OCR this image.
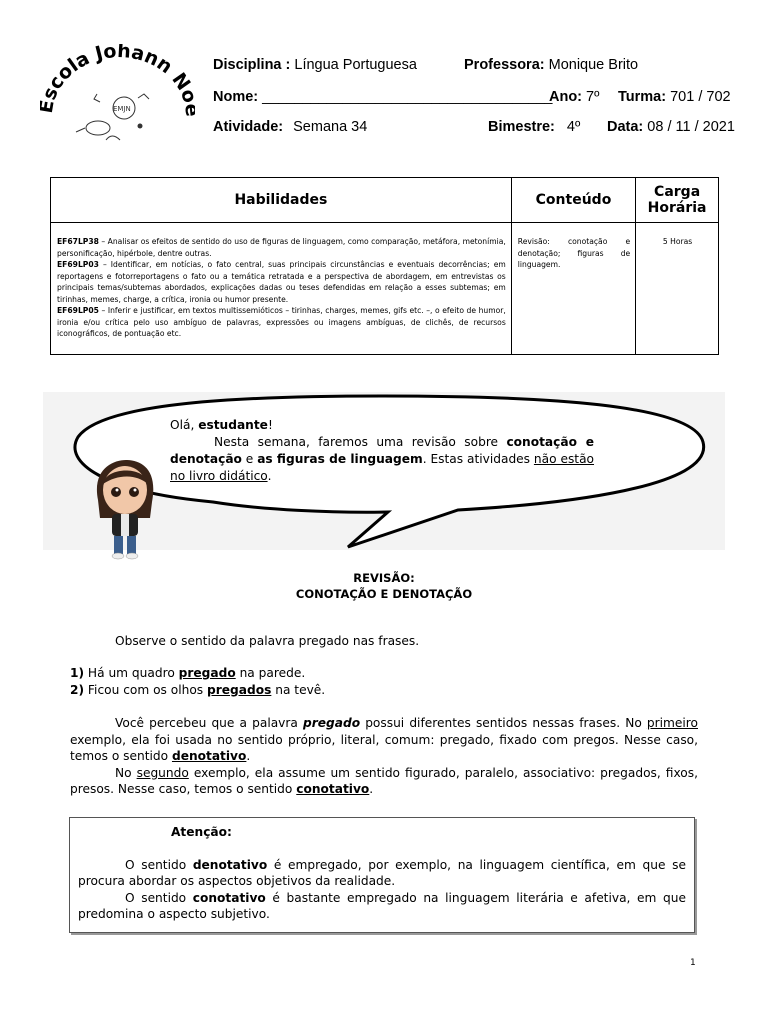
scola Johann N
EMJN
Disciplina : Língua Portuguesa	Professora: Monique Brito
Nome: ____________________________________
Ano: 7º Turma: 701 / 702
Atividade: Semana 34	Bimestre: 4º Data: 08 / 11 / 2021
Habilidades	Conteúdo	Carga Horária
EF67LP38 – Analisar os efeitos de sentido do uso de figuras de linguagem, como comparação, metáfora, metonímia, personificação, hipérbole, dentre outras.
EF69LP03 – Identificar, em notícias, o fato central, suas principais circunstâncias e eventuais decorrências; em reportagens e fotorreportagens o fato ou a temática retratada e a perspectiva de abordagem, em entrevistas os principais temas/subtemas abordados, explicações dadas ou teses defendidas em relação a esses subtemas; em tirinhas, memes, charge, a crítica, ironia ou humor presente.
EF69LP05 – Inferir e justificar, em textos multissemióticos – tirinhas, charges, memes, gifs etc. –, o efeito de humor, ironia e/ou crítica pelo uso ambíguo de palavras, expressões ou imagens ambíguas, de clichês, de recursos iconográficos, de pontuação etc.	Revisão: conotação e denotação; figuras de linguagem.	5 Horas

Olá, estudante!

Nesta semana, faremos uma revisão sobre conotação e denotação e as figuras de linguagem. Estas atividades não estão no livro didático.

REVISÃO:
CONOTAÇÃO E DENOTAÇÃO
Observe o sentido da palavra pregado nas frases.
1) Há um quadro pregado na parede.
2) Ficou com os olhos pregados na tevê.
Você percebeu que a palavra pregado possui diferentes sentidos nessas frases. No primeiro exemplo, ela foi usada no sentido próprio, literal, comum: pregado, fixado com pregos. Nesse caso, temos o sentido denotativo.
No segundo exemplo, ela assume um sentido figurado, paralelo, associativo: pregados, fixos, presos. Nesse caso, temos o sentido conotativo.
Atenção:
O sentido denotativo é empregado, por exemplo, na linguagem científica, em que se procura abordar os aspectos objetivos da realidade.
O sentido conotativo é bastante empregado na linguagem literária e afetiva, em que predomina o aspecto subjetivo.
1
